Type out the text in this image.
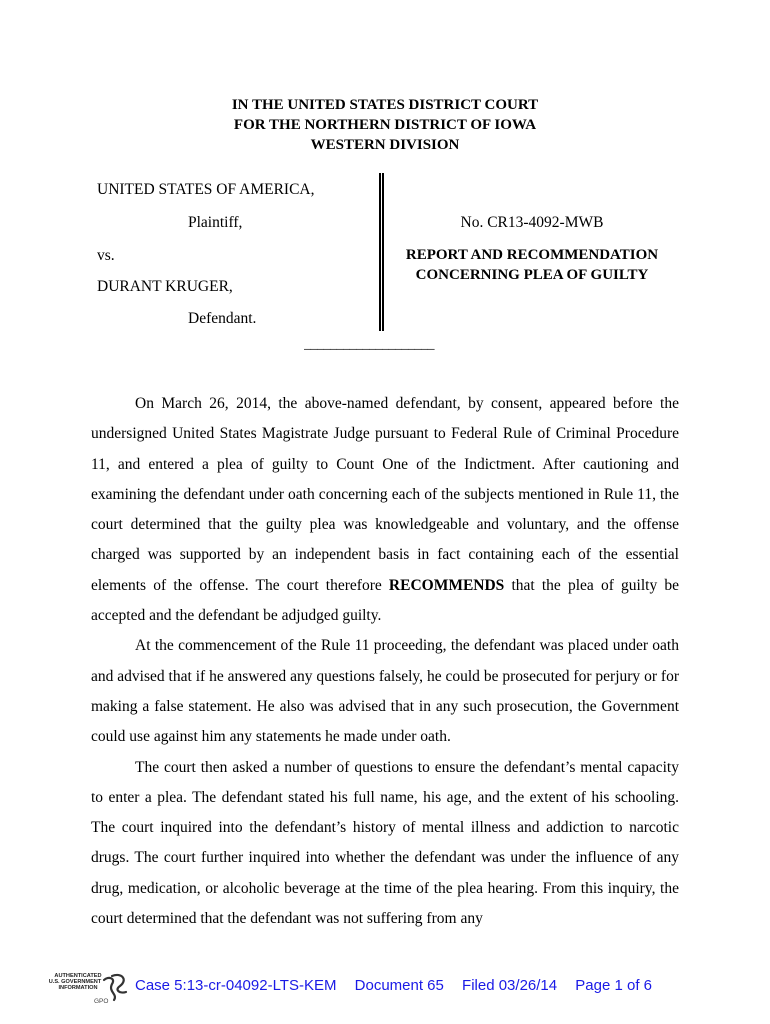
IN THE UNITED STATES DISTRICT COURT
FOR THE NORTHERN DISTRICT OF IOWA
WESTERN DIVISION
UNITED STATES OF AMERICA,
Plaintiff,
vs.
DURANT KRUGER,
Defendant.
No. CR13-4092-MWB
REPORT AND RECOMMENDATION
CONCERNING PLEA OF GUILTY
____________________

On March 26, 2014, the above-named defendant, by consent, appeared before the undersigned United States Magistrate Judge pursuant to Federal Rule of Criminal Procedure 11, and entered a plea of guilty to Count One of the Indictment. After cautioning and examining the defendant under oath concerning each of the subjects mentioned in Rule 11, the court determined that the guilty plea was knowledgeable and voluntary, and the offense charged was supported by an independent basis in fact containing each of the essential elements of the offense. The court therefore RECOMMENDS that the plea of guilty be accepted and the defendant be adjudged guilty.

At the commencement of the Rule 11 proceeding, the defendant was placed under oath and advised that if he answered any questions falsely, he could be prosecuted for perjury or for making a false statement. He also was advised that in any such prosecution, the Government could use against him any statements he made under oath.

The court then asked a number of questions to ensure the defendant’s mental capacity to enter a plea. The defendant stated his full name, his age, and the extent of his schooling. The court inquired into the defendant’s history of mental illness and addiction to narcotic drugs. The court further inquired into whether the defendant was under the influence of any drug, medication, or alcoholic beverage at the time of the plea hearing. From this inquiry, the court determined that the defendant was not suffering from any

AUTHENTICATED
U.S. GOVERNMENT
INFORMATION
GPO
Case 5:13-cr-04092-LTS-KEM Document 65 Filed 03/26/14 Page 1 of 6
